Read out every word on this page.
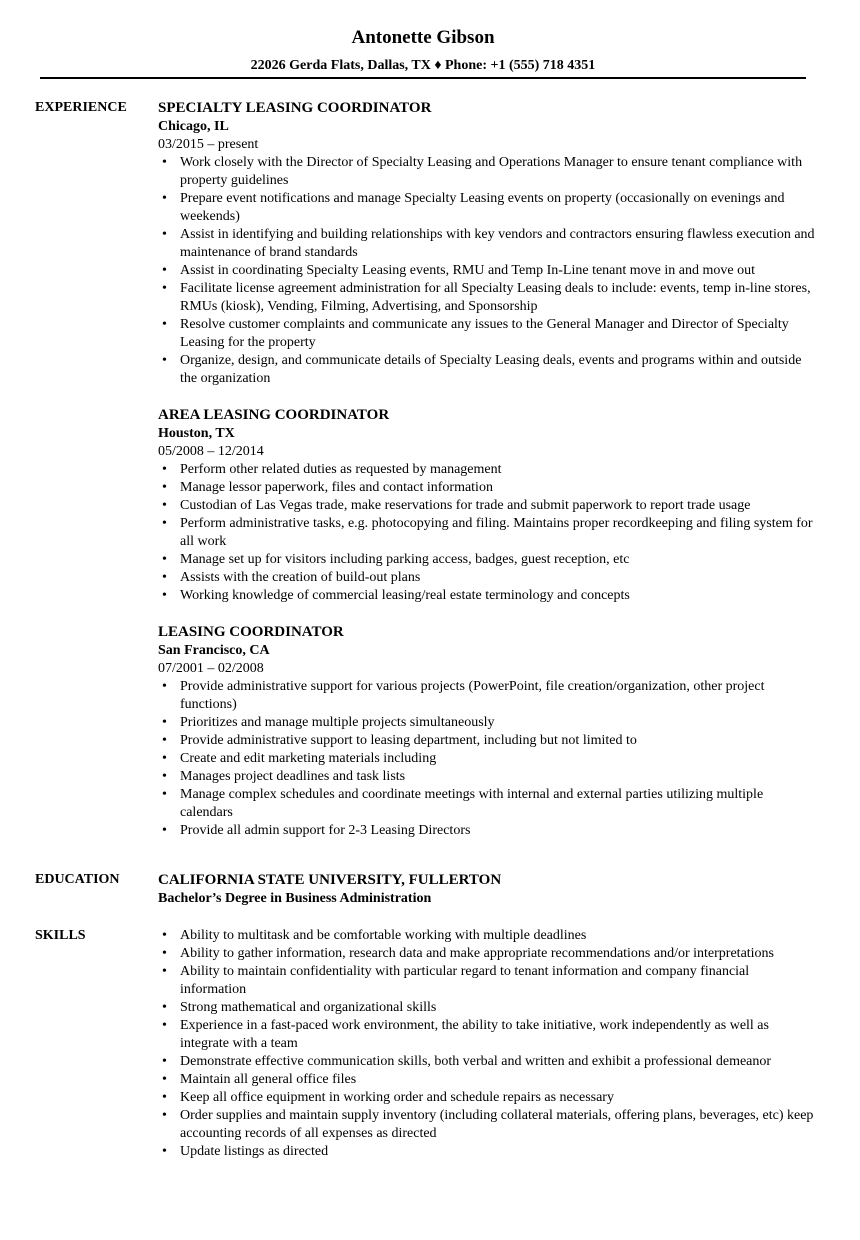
Antonette Gibson
22026 Gerda Flats, Dallas, TX ♦ Phone: +1 (555) 718 4351
EXPERIENCE	SPECIALTY LEASING COORDINATOR
Chicago, IL
03/2015 – present
• Work closely with the Director of Specialty Leasing and Operations Manager to ensure tenant compliance with property guidelines
• Prepare event notifications and manage Specialty Leasing events on property (occasionally on evenings and weekends)
• Assist in identifying and building relationships with key vendors and contractors ensuring flawless execution and maintenance of brand standards
• Assist in coordinating Specialty Leasing events, RMU and Temp In-Line tenant move in and move out
• Facilitate license agreement administration for all Specialty Leasing deals to include: events, temp in-line stores, RMUs (kiosk), Vending, Filming, Advertising, and Sponsorship
• Resolve customer complaints and communicate any issues to the General Manager and Director of Specialty Leasing for the property
• Organize, design, and communicate details of Specialty Leasing deals, events and programs within and outside the organization
AREA LEASING COORDINATOR
Houston, TX
05/2008 – 12/2014
• Perform other related duties as requested by management
• Manage lessor paperwork, files and contact information
• Custodian of Las Vegas trade, make reservations for trade and submit paperwork to report trade usage
• Perform administrative tasks, e.g. photocopying and filing. Maintains proper recordkeeping and filing system for all work
• Manage set up for visitors including parking access, badges, guest reception, etc
• Assists with the creation of build-out plans
• Working knowledge of commercial leasing/real estate terminology and concepts
LEASING COORDINATOR
San Francisco, CA
07/2001 – 02/2008
• Provide administrative support for various projects (PowerPoint, file creation/organization, other project functions)
• Prioritizes and manage multiple projects simultaneously
• Provide administrative support to leasing department, including but not limited to
• Create and edit marketing materials including
• Manages project deadlines and task lists
• Manage complex schedules and coordinate meetings with internal and external parties utilizing multiple calendars
• Provide all admin support for 2-3 Leasing Directors
EDUCATION	CALIFORNIA STATE UNIVERSITY, FULLERTON
Bachelor’s Degree in Business Administration
SKILLS
•	Ability to multitask and be comfortable working with multiple deadlines
• Ability to gather information, research data and make appropriate recommendations and/or interpretations
• Ability to maintain confidentiality with particular regard to tenant information and company financial information
• Strong mathematical and organizational skills
• Experience in a fast-paced work environment, the ability to take initiative, work independently as well as integrate with a team
• Demonstrate effective communication skills, both verbal and written and exhibit a professional demeanor
• Maintain all general office files
• Keep all office equipment in working order and schedule repairs as necessary
• Order supplies and maintain supply inventory (including collateral materials, offering plans, beverages, etc) keep accounting records of all expenses as directed
• Update listings as directed
